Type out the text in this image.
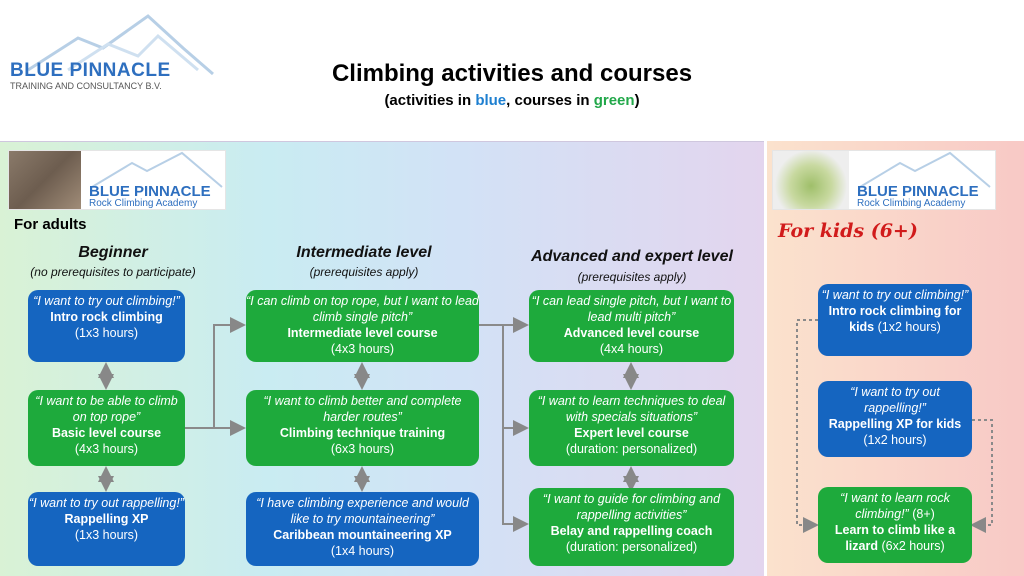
BLUE PINNACLE
TRAINING AND CONSULTANCY B.V.	Climbing activities and courses
(activities in blue, courses in green)
BLUE PINNACLE
Rock Climbing Academy
For adults
Beginner
(no prerequisites to participate)
Intermediate level
(prerequisites apply)
Advanced and expert level
(prerequisites apply)
“I want to try out climbing!”
Intro rock climbing
(1x3 hours)
“I want to be able to climb on top rope”
Basic level course
(4x3 hours)
“I want to try out rappelling!”
Rappelling XP
(1x3 hours)
“I can climb on top rope, but I want to lead climb single pitch”
Intermediate level course
(4x3 hours)
“I want to climb better and complete harder routes”
Climbing technique training
(6x3 hours)
“I have climbing experience and would like to try mountaineering”
Caribbean mountaineering XP
(1x4 hours)
“I can lead single pitch, but I want to lead multi pitch”
Advanced level course
(4x4 hours)
“I want to learn techniques to deal with specials situations”
Expert level course
(duration: personalized)
“I want to guide for climbing and rappelling activities”
Belay and rappelling coach
(duration: personalized)
BLUE PINNACLE
Rock Climbing Academy
For kids (6+)
“I want to try out climbing!”
Intro rock climbing for kids (1x2 hours)
“I want to try out rappelling!”
Rappelling XP for kids (1x2 hours)
“I want to learn rock climbing!” (8+)
Learn to climb like a lizard (6x2 hours)
